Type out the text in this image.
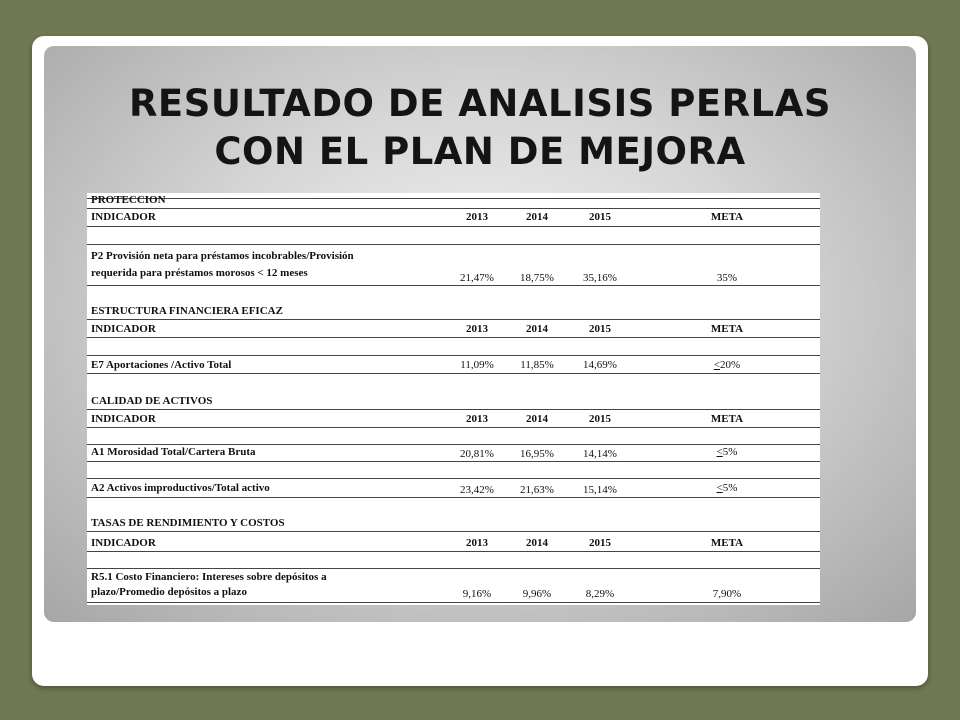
RESULTADO DE ANALISIS PERLAS
CON EL PLAN DE MEJORA
PROTECCION
INDICADOR	2013	2014	2015	META
P2 Provisión neta para préstamos incobrables/Provisión
requerida para préstamos morosos < 12 meses	21,47%	18,75%	35,16%	35%
ESTRUCTURA FINANCIERA EFICAZ
INDICADOR	2013	2014	2015	META
E7 Aportaciones /Activo Total	11,09%	11,85%	14,69%	<20%
CALIDAD DE ACTIVOS
INDICADOR	2013	2014	2015	META
A1 Morosidad Total/Cartera Bruta	20,81%	16,95%	14,14%	<5%
A2 Activos improductivos/Total activo	23,42%	21,63%	15,14%	<5%
TASAS DE RENDIMIENTO Y COSTOS
INDICADOR	2013	2014	2015	META
R5.1 Costo Financiero: Intereses sobre depósitos a
plazo/Promedio depósitos a plazo	9,16%	9,96%	8,29%	7,90%
